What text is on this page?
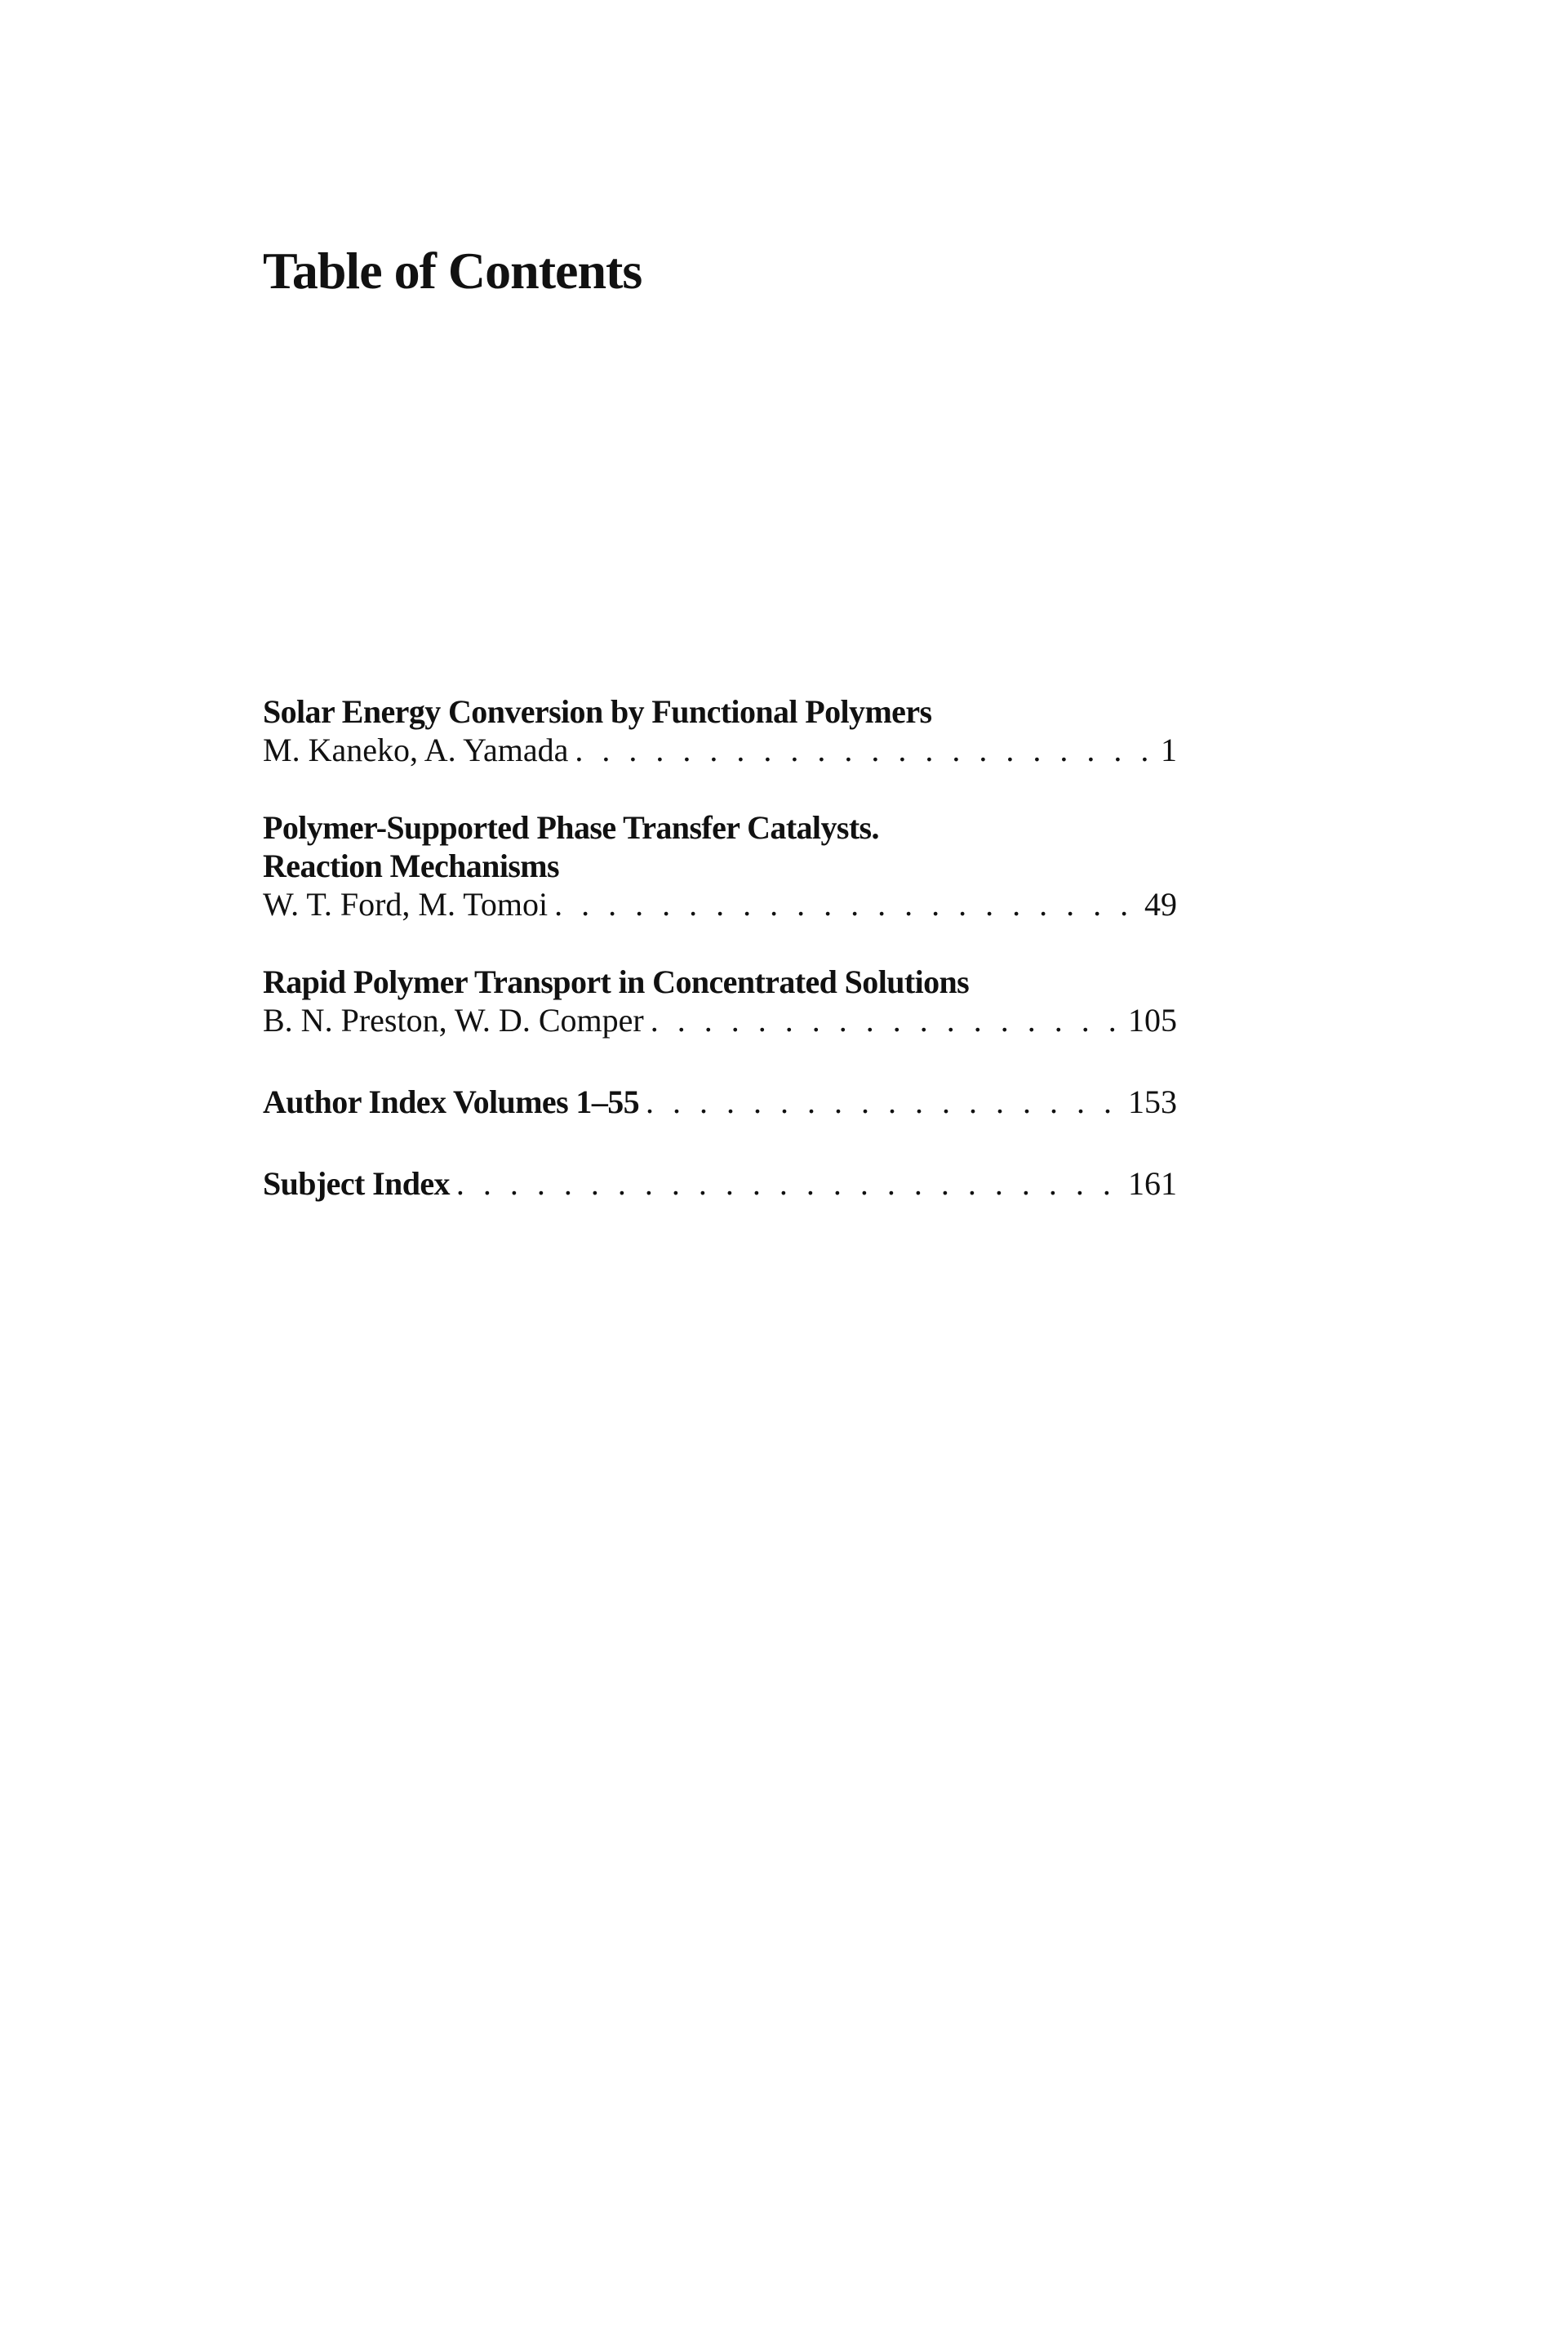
Table of Contents
Solar Energy Conversion by Functional Polymers
M. Kaneko, A. Yamada . . .	1
Polymer-Supported Phase Transfer Catalysts.
Reaction Mechanisms
W. T. Ford, M. Tomoi . . .	49
Rapid Polymer Transport in Concentrated Solutions
B. N. Preston, W. D. Comper . . .	105
Author Index Volumes 1–55 . . .	153
Subject Index . . .	161
